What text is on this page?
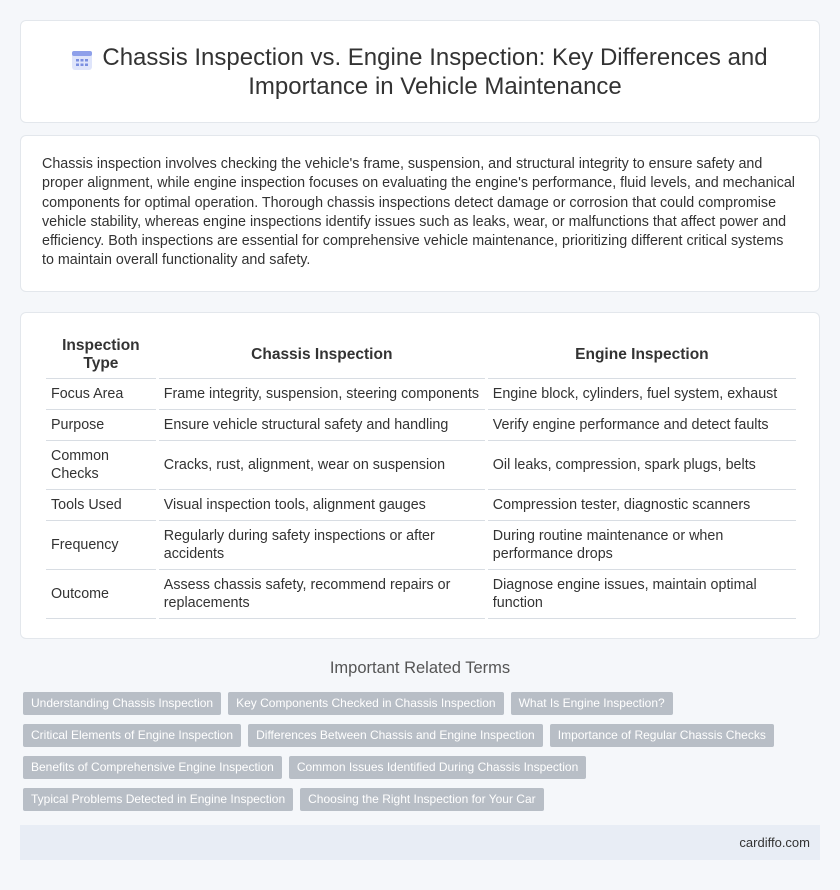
Chassis Inspection vs. Engine Inspection: Key Differences and Importance in Vehicle Maintenance

Chassis inspection involves checking the vehicle's frame, suspension, and structural integrity to ensure safety and proper alignment, while engine inspection focuses on evaluating the engine's performance, fluid levels, and mechanical components for optimal operation. Thorough chassis inspections detect damage or corrosion that could compromise vehicle stability, whereas engine inspections identify issues such as leaks, wear, or malfunctions that affect power and efficiency. Both inspections are essential for comprehensive vehicle maintenance, prioritizing different critical systems to maintain overall functionality and safety.

Inspection Type	Chassis Inspection	Engine Inspection
Focus Area	Frame integrity, suspension, steering components	Engine block, cylinders, fuel system, exhaust
Purpose	Ensure vehicle structural safety and handling	Verify engine performance and detect faults
Common Checks	Cracks, rust, alignment, wear on suspension	Oil leaks, compression, spark plugs, belts
Tools Used	Visual inspection tools, alignment gauges	Compression tester, diagnostic scanners
Frequency	Regularly during safety inspections or after accidents	During routine maintenance or when performance drops
Outcome	Assess chassis safety, recommend repairs or replacements	Diagnose engine issues, maintain optimal function
Important Related Terms
Understanding Chassis Inspection	Key Components Checked in Chassis Inspection	What Is Engine Inspection?
Critical Elements of Engine Inspection	Differences Between Chassis and Engine Inspection	Importance of Regular Chassis Checks
Benefits of Comprehensive Engine Inspection	Common Issues Identified During Chassis Inspection
Typical Problems Detected in Engine Inspection	Choosing the Right Inspection for Your Car
cardiffo.com
